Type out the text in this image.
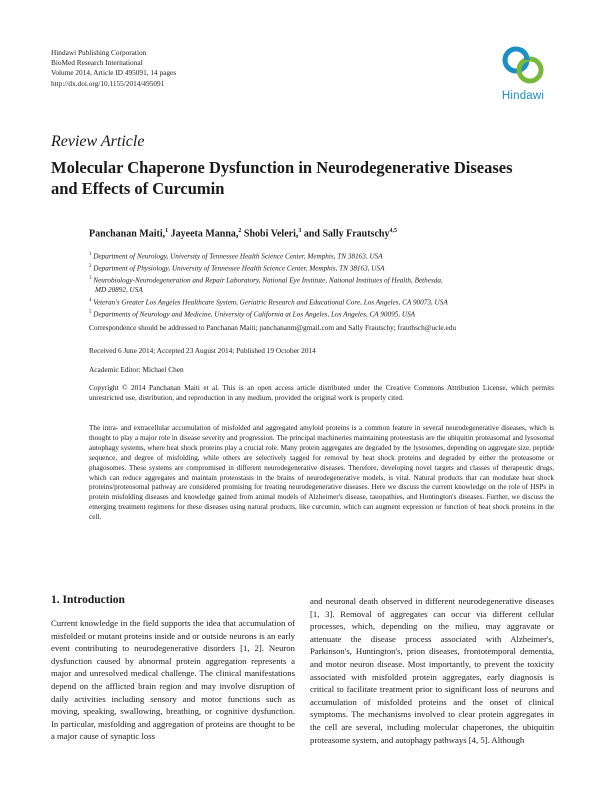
Hindawi Publishing Corporation
BioMed Research International
Volume 2014, Article ID 495091, 14 pages
http://dx.doi.org/10.1155/2014/495091
Hindawi
Review Article
Molecular Chaperone Dysfunction in Neurodegenerative Diseases and Effects of Curcumin
Panchanan Maiti,$^1$ Jayeeta Manna,$^2$ Shobi Veleri,$^3$ and Sally Frautschy$^{4,5}$
$^1$ Department of Neurology, University of Tennessee Health Science Center, Memphis, TN 38163, USA
$^2$ Department of Physiology, University of Tennessee Health Science Center, Memphis, TN 38163, USA
$^3$ Neurobiology-Neurodegeneration and Repair Laboratory, National Eye Institute, National Institutes of Health, Bethesda,
MD 20892, USA
$^4$ Veteran's Greater Los Angeles Healthcare System, Geriatric Research and Educational Core, Los Angeles, CA 90073, USA
$^5$ Departments of Neurology and Medicine, University of California at Los Angeles, Los Angeles, CA 90095, USA
Correspondence should be addressed to Panchanan Maiti; panchananm@gmail.com and Sally Frautschy; frauthsch@ucle.edu
Received 6 June 2014; Accepted 23 August 2014; Published 19 October 2014
Academic Editor: Michael Chen
Copyright © 2014 Panchanan Maiti et al. This is an open access article distributed under the Creative Commons Attribution License, which permits unrestricted use, distribution, and reproduction in any medium, provided the original work is properly cited.
The intra- and extracellular accumulation of misfolded and aggregated amyloid proteins is a common feature in several neurodegenerative diseases, which is thought to play a major role in disease severity and progression. The principal machineries maintaining proteostasis are the ubiquitin proteasomal and lysosomal autophagy systems, where heat shock proteins play a crucial role. Many protein aggregates are degraded by the lysosomes, depending on aggregate size, peptide sequence, and degree of misfolding, while others are selectively tagged for removal by heat shock proteins and degraded by either the proteasome or phagosomes. These systems are compromised in different neurodegenerative diseases. Therefore, developing novel targets and classes of therapeutic drugs, which can reduce aggregates and maintain proteostasis in the brains of neurodegenerative models, is vital. Natural products that can modulate heat shock proteins/proteosomal pathway are considered promising for treating neurodegenerative diseases. Here we discuss the current knowledge on the role of HSPs in protein misfolding diseases and knowledge gained from animal models of Alzheimer's disease, tauopathies, and Huntington's diseases. Further, we discuss the emerging treatment regimens for these diseases using natural products, like curcumin, which can augment expression or function of heat shock proteins in the cell.
1. Introduction
Current knowledge in the field supports the idea that accumulation of misfolded or mutant proteins inside and or outside neurons is an early event contributing to neurodegenerative disorders [1, 2]. Neuron dysfunction caused by abnormal protein aggregation represents a major and unresolved medical challenge. The clinical manifestations depend on the afflicted brain region and may involve disruption of daily activities including sensory and motor functions such as moving, speaking, swallowing, breathing, or cognitive dysfunction. In particular, misfolding and aggregation of proteins are thought to be a major cause of synaptic loss
and neuronal death observed in different neurodegenerative diseases [1, 3]. Removal of aggregates can occur via different cellular processes, which, depending on the milieu, may aggravate or attenuate the disease process associated with Alzheimer's, Parkinson's, Huntington's, prion diseases, frontotemporal dementia, and motor neuron disease. Most importantly, to prevent the toxicity associated with misfolded protein aggregates, early diagnosis is critical to facilitate treatment prior to significant loss of neurons and accumulation of misfolded proteins and the onset of clinical symptoms. The mechanisms involved to clear protein aggregates in the cell are several, including molecular chaperones, the ubiquitin proteasome system, and autophagy pathways [4, 5]. Although
